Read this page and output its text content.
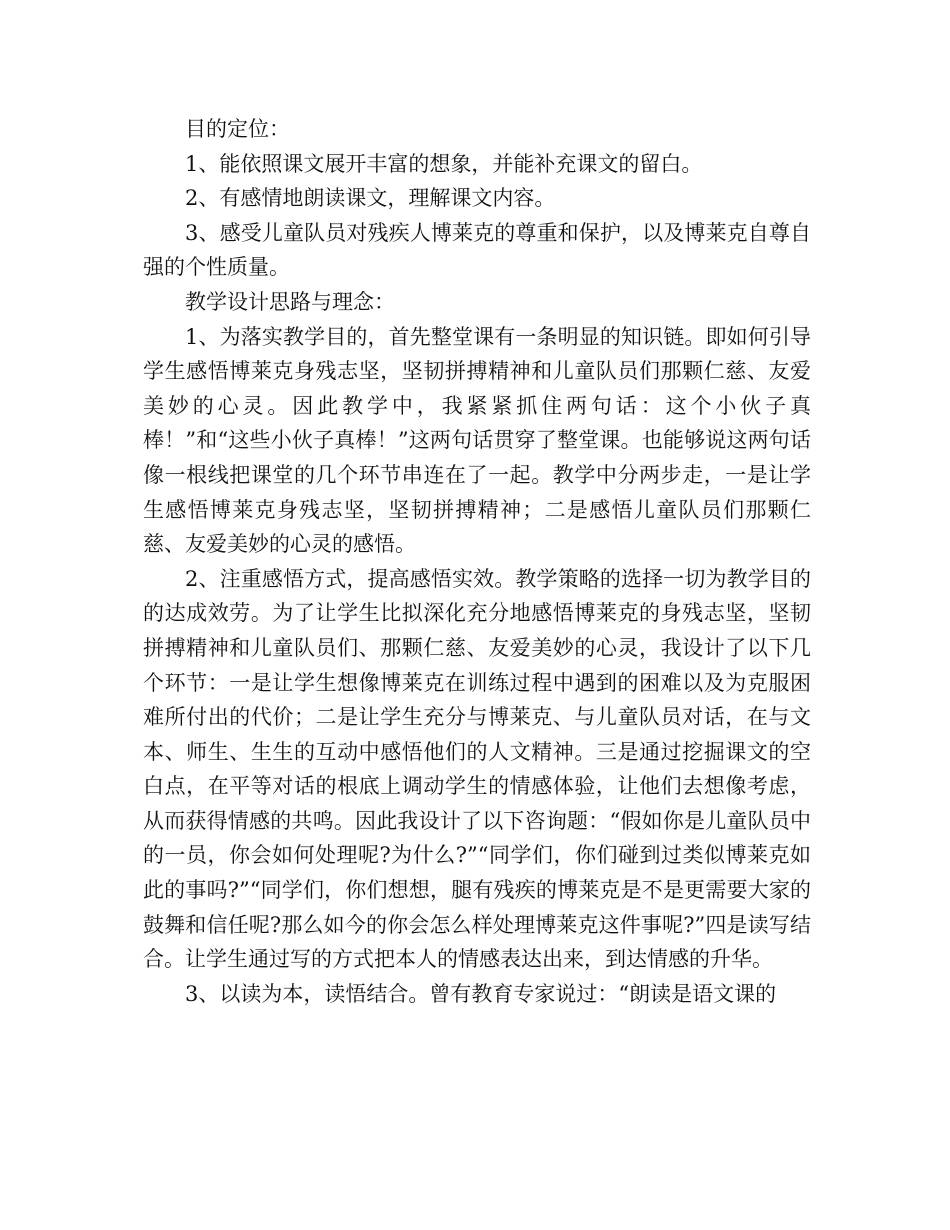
目的定位：

1、能依照课文展开丰富的想象，并能补充课文的留白。

2、有感情地朗读课文，理解课文内容。

3、感受儿童队员对残疾人博莱克的尊重和保护，以及博莱克自尊自强的个性质量。

教学设计思路与理念：

1、为落实教学目的，首先整堂课有一条明显的知识链。即如何引导学生感悟博莱克身残志坚，坚韧拼搏精神和儿童队员们那颗仁慈、友爱美妙的心灵。因此教学中，我紧紧抓住两句话：这个小伙子真棒！”和“这些小伙子真棒！”这两句话贯穿了整堂课。也能够说这两句话像一根线把课堂的几个环节串连在了一起。教学中分两步走，一是让学生感悟博莱克身残志坚，坚韧拼搏精神；二是感悟儿童队员们那颗仁慈、友爱美妙的心灵的感悟。

2、注重感悟方式，提高感悟实效。教学策略的选择一切为教学目的的达成效劳。为了让学生比拟深化充分地感悟博莱克的身残志坚，坚韧拼搏精神和儿童队员们、那颗仁慈、友爱美妙的心灵，我设计了以下几个环节：一是让学生想像博莱克在训练过程中遇到的困难以及为克服困难所付出的代价；二是让学生充分与博莱克、与儿童队员对话，在与文本、师生、生生的互动中感悟他们的人文精神。三是通过挖掘课文的空白点，在平等对话的根底上调动学生的情感体验，让他们去想像考虑，从而获得情感的共鸣。因此我设计了以下咨询题：“假如你是儿童队员中的一员，你会如何处理呢?为什么?”“同学们，你们碰到过类似博莱克如此的事吗?”“同学们，你们想想，腿有残疾的博莱克是不是更需要大家的鼓舞和信任呢?那么如今的你会怎么样处理博莱克这件事呢?”四是读写结合。让学生通过写的方式把本人的情感表达出来，到达情感的升华。

3、以读为本，读悟结合。曾有教育专家说过：“朗读是语文课的
